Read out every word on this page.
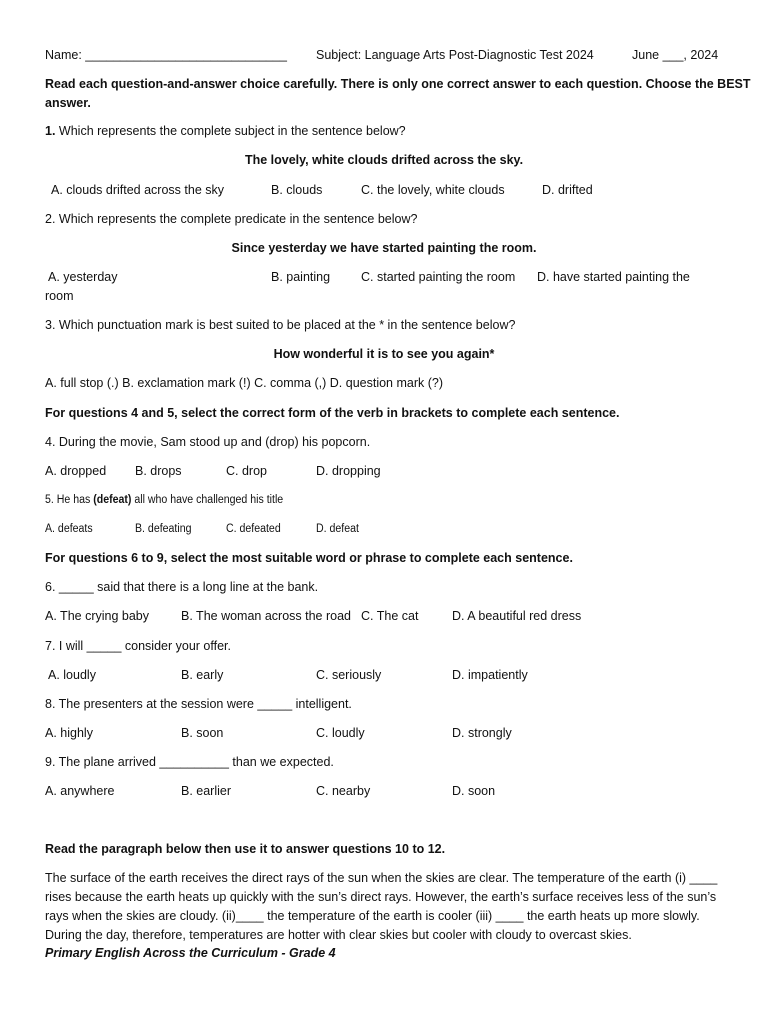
Name: _____________________________ Subject: Language Arts Post-Diagnostic Test 2024	June ___, 2024
Read each question-and-answer choice carefully. There is only one correct answer to each question. Choose the BEST
answer.
1. Which represents the complete subject in the sentence below?
The lovely, white clouds drifted across the sky.
A. clouds drifted across the sky	B. clouds	C. the lovely, white clouds	D. drifted
2. Which represents the complete predicate in the sentence below?
Since yesterday we have started painting the room.
A. yesterday	B. painting C. started painting the room D. have started painting the
room
3. Which punctuation mark is best suited to be placed at the * in the sentence below?
How wonderful it is to see you again*
A. full stop (.) B. exclamation mark (!) C. comma (,) D. question mark (?)
For questions 4 and 5, select the correct form of the verb in brackets to complete each sentence.
4. During the movie, Sam stood up and (drop) his popcorn.
A. dropped B. drops	C. drop	D. dropping
5. He has (defeat) all who have challenged his title
A. defeats	B. defeating	C. defeated	D. defeat
For questions 6 to 9, select the most suitable word or phrase to complete each sentence.
6. _____ said that there is a long line at the bank.
A. The crying baby	B. The woman across the road C. The cat	D. A beautiful red dress
7. I will _____ consider your offer.
A. loudly	B. early	C. seriously	D. impatiently
8. The presenters at the session were _____ intelligent.
A. highly	B. soon	C. loudly	D. strongly
9. The plane arrived __________ than we expected.
A. anywhere	B. earlier	C. nearby	D. soon
Read the paragraph below then use it to answer questions 10 to 12.
The surface of the earth receives the direct rays of the sun when the skies are clear. The temperature of the earth (i) ____ rises because the earth heats up quickly with the sun’s direct rays. However, the earth’s surface receives less of the sun’s rays when the skies are cloudy. (ii)____ the temperature of the earth is cooler (iii) ____ the earth heats up more slowly. During the day, therefore, temperatures are hotter with clear skies but cooler with cloudy to overcast skies.
Primary English Across the Curriculum - Grade 4
